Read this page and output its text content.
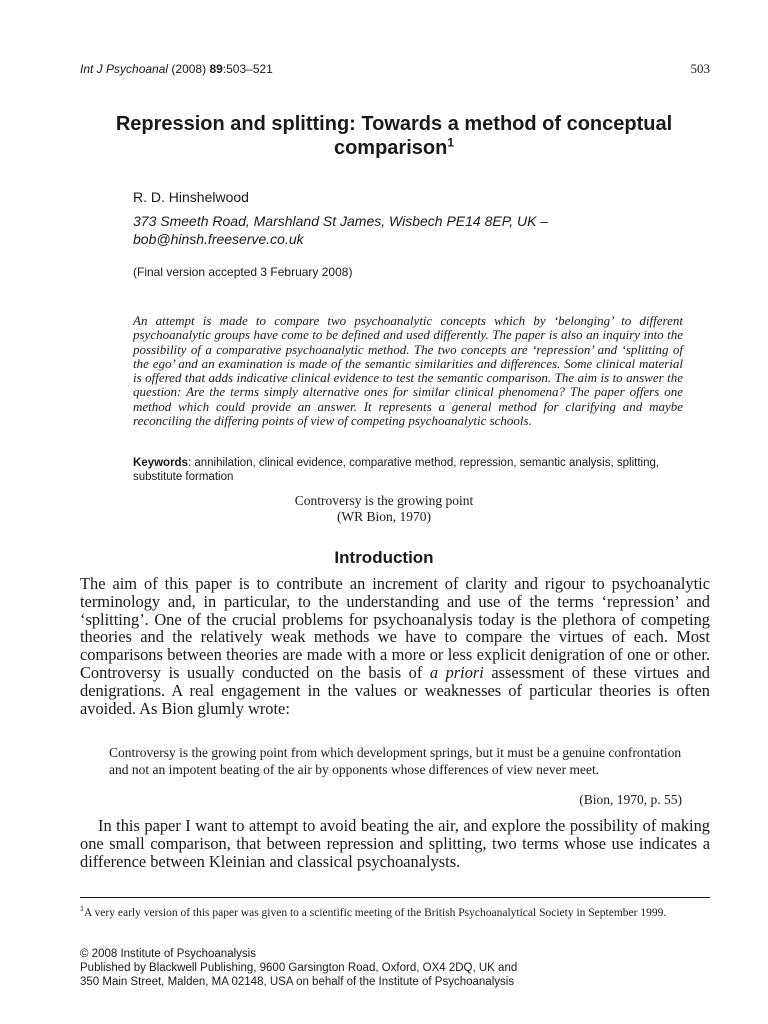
Int J Psychoanal (2008) 89:503–521	503
Repression and splitting: Towards a method of conceptual comparison$^1$
R. D. Hinshelwood
373 Smeeth Road, Marshland St James, Wisbech PE14 8EP, UK – bob@hinsh.freeserve.co.uk
(Final version accepted 3 February 2008)
An attempt is made to compare two psychoanalytic concepts which by ‘belonging’ to different psychoanalytic groups have come to be defined and used differently. The paper is also an inquiry into the possibility of a comparative psychoanalytic method. The two concepts are ‘repression’ and ‘splitting of the ego’ and an examination is made of the semantic similarities and differences. Some clinical material is offered that adds indicative clinical evidence to test the semantic comparison. The aim is to answer the question: Are the terms simply alternative ones for similar clinical phenomena? The paper offers one method which could provide an answer. It represents a general method for clarifying and maybe reconciling the differing points of view of competing psychoanalytic schools.
Keywords: annihilation, clinical evidence, comparative method, repression, semantic analysis, splitting, substitute formation
Controversy is the growing point
(WR Bion, 1970)
Introduction
The aim of this paper is to contribute an increment of clarity and rigour to psychoanalytic terminology and, in particular, to the understanding and use of the terms ‘repression’ and ‘splitting’. One of the crucial problems for psychoanalysis today is the plethora of competing theories and the relatively weak methods we have to compare the virtues of each. Most comparisons between theories are made with a more or less explicit denigration of one or other. Controversy is usually conducted on the basis of a priori assessment of these virtues and denigrations. A real engagement in the values or weaknesses of particular theories is often avoided. As Bion glumly wrote:
Controversy is the growing point from which development springs, but it must be a genuine confrontation and not an impotent beating of the air by opponents whose differences of view never meet.
(Bion, 1970, p. 55)
In this paper I want to attempt to avoid beating the air, and explore the possibility of making one small comparison, that between repression and splitting, two terms whose use indicates a difference between Kleinian and classical psychoanalysts.
$^1$A very early version of this paper was given to a scientific meeting of the British Psychoanalytical Society in September 1999.
© 2008 Institute of Psychoanalysis
Published by Blackwell Publishing, 9600 Garsington Road, Oxford, OX4 2DQ, UK and
350 Main Street, Malden, MA 02148, USA on behalf of the Institute of Psychoanalysis
